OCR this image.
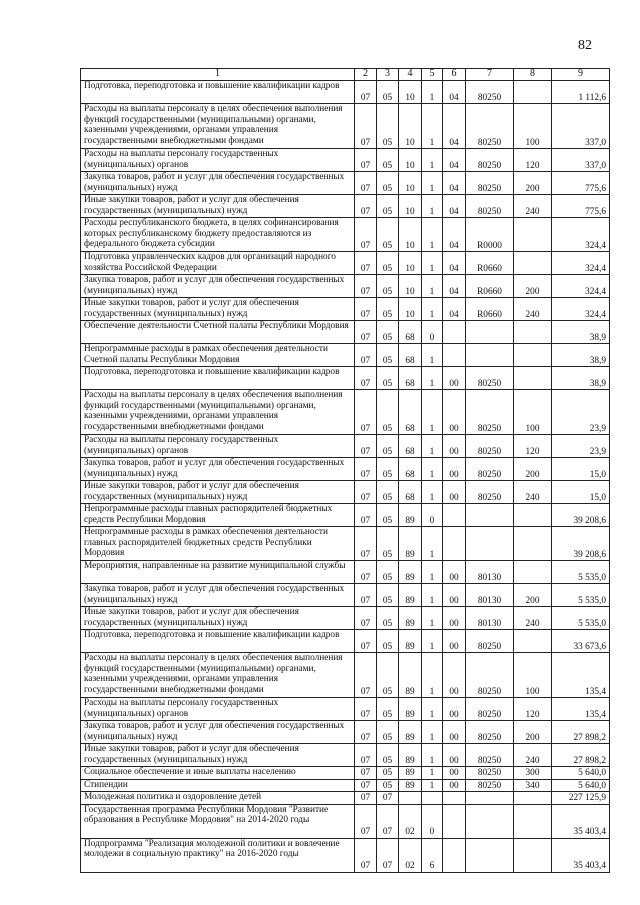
82
1	2	3	4	5	6	7	8	9
Подготовка, переподготовка и повышение квалификации кадров	07	05	10	1	04	80250		1 112,6
Расходы на выплаты персоналу в целях обеспечения выполнения функций государственными (муниципальными) органами, казенными учреждениями, органами управления государственными внебюджетными фондами	07	05	10	1	04	80250	100	337,0
Расходы на выплаты персоналу государственных (муниципальных) органов	07	05	10	1	04	80250	120	337,0
Закупка товаров, работ и услуг для обеспечения государственных (муниципальных) нужд	07	05	10	1	04	80250	200	775,6
Иные закупки товаров, работ и услуг для обеспечения государственных (муниципальных) нужд	07	05	10	1	04	80250	240	775,6
Расходы республиканского бюджета, в целях софинансирования которых республиканскому бюджету предоставляются из федерального бюджета субсидии	07	05	10	1	04	R0000		324,4
Подготовка управленческих кадров для организаций народного хозяйства Российской Федерации	07	05	10	1	04	R0660		324,4
Закупка товаров, работ и услуг для обеспечения государственных (муниципальных) нужд	07	05	10	1	04	R0660	200	324,4
Иные закупки товаров, работ и услуг для обеспечения государственных (муниципальных) нужд	07	05	10	1	04	R0660	240	324,4
Обеспечение деятельности Счетной палаты Республики Мордовия	07	05	68	0				38,9
Непрограммные расходы в рамках обеспечения деятельности Счетной палаты Республики Мордовия	07	05	68	1				38,9
Подготовка, переподготовка и повышение квалификации кадров	07	05	68	1	00	80250		38,9
Расходы на выплаты персоналу в целях обеспечения выполнения функций государственными (муниципальными) органами, казенными учреждениями, органами управления государственными внебюджетными фондами	07	05	68	1	00	80250	100	23,9
Расходы на выплаты персоналу государственных (муниципальных) органов	07	05	68	1	00	80250	120	23,9
Закупка товаров, работ и услуг для обеспечения государственных (муниципальных) нужд	07	05	68	1	00	80250	200	15,0
Иные закупки товаров, работ и услуг для обеспечения государственных (муниципальных) нужд	07	05	68	1	00	80250	240	15,0
Непрограммные расходы главных распорядителей бюджетных средств Республики Мордовия	07	05	89	0				39 208,6
Непрограммные расходы в рамках обеспечения деятельности главных распорядителей бюджетных средств Республики Мордовия	07	05	89	1				39 208,6
Мероприятия, направленные на развитие муниципальной службы	07	05	89	1	00	80130		5 535,0
Закупка товаров, работ и услуг для обеспечения государственных (муниципальных) нужд	07	05	89	1	00	80130	200	5 535,0
Иные закупки товаров, работ и услуг для обеспечения государственных (муниципальных) нужд	07	05	89	1	00	80130	240	5 535,0
Подготовка, переподготовка и повышение квалификации кадров	07	05	89	1	00	80250		33 673,6
Расходы на выплаты персоналу в целях обеспечения выполнения функций государственными (муниципальными) органами, казенными учреждениями, органами управления государственными внебюджетными фондами	07	05	89	1	00	80250	100	135,4
Расходы на выплаты персоналу государственных (муниципальных) органов	07	05	89	1	00	80250	120	135,4
Закупка товаров, работ и услуг для обеспечения государственных (муниципальных) нужд	07	05	89	1	00	80250	200	27 898,2
Иные закупки товаров, работ и услуг для обеспечения государственных (муниципальных) нужд	07	05	89	1	00	80250	240	27 898,2
Социальное обеспечение и иные выплаты населению	07	05	89	1	00	80250	300	5 640,0
Стипендии	07	05	89	1	00	80250	340	5 640,0
Молодежная политика и оздоровление детей	07	07						227 125,9
Государственная программа Республики Мордовия "Развитие образования в Республике Мордовия" на 2014-2020 годы	07	07	02	0				35 403,4
Подпрограмма "Реализация молодежной политики и вовлечение молодежи в социальную практику" на 2016-2020 годы	07	07	02	6				35 403,4
